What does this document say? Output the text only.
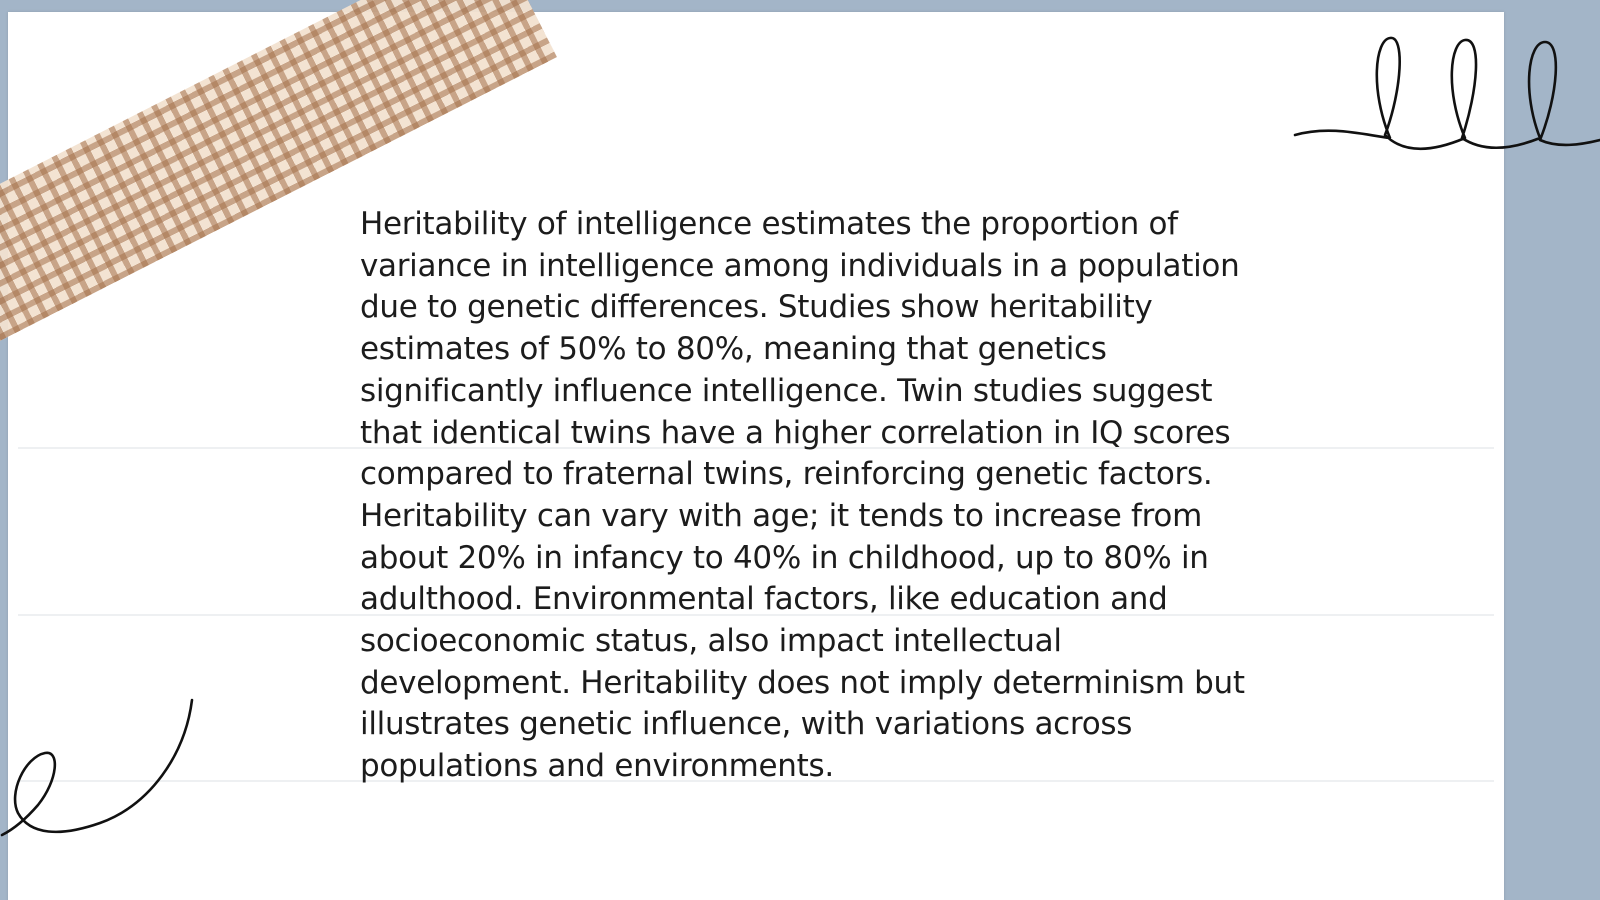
Heritability of intelligence estimates the proportion of variance in intelligence among individuals in a population due to genetic differences. Studies show heritability estimates of 50% to 80%, meaning that genetics significantly influence intelligence. Twin studies suggest that identical twins have a higher correlation in IQ scores compared to fraternal twins, reinforcing genetic factors. Heritability can vary with age; it tends to increase from about 20% in infancy to 40% in childhood, up to 80% in adulthood. Environmental factors, like education and socioeconomic status, also impact intellectual development. Heritability does not imply determinism but illustrates genetic influence, with variations across populations and environments.
